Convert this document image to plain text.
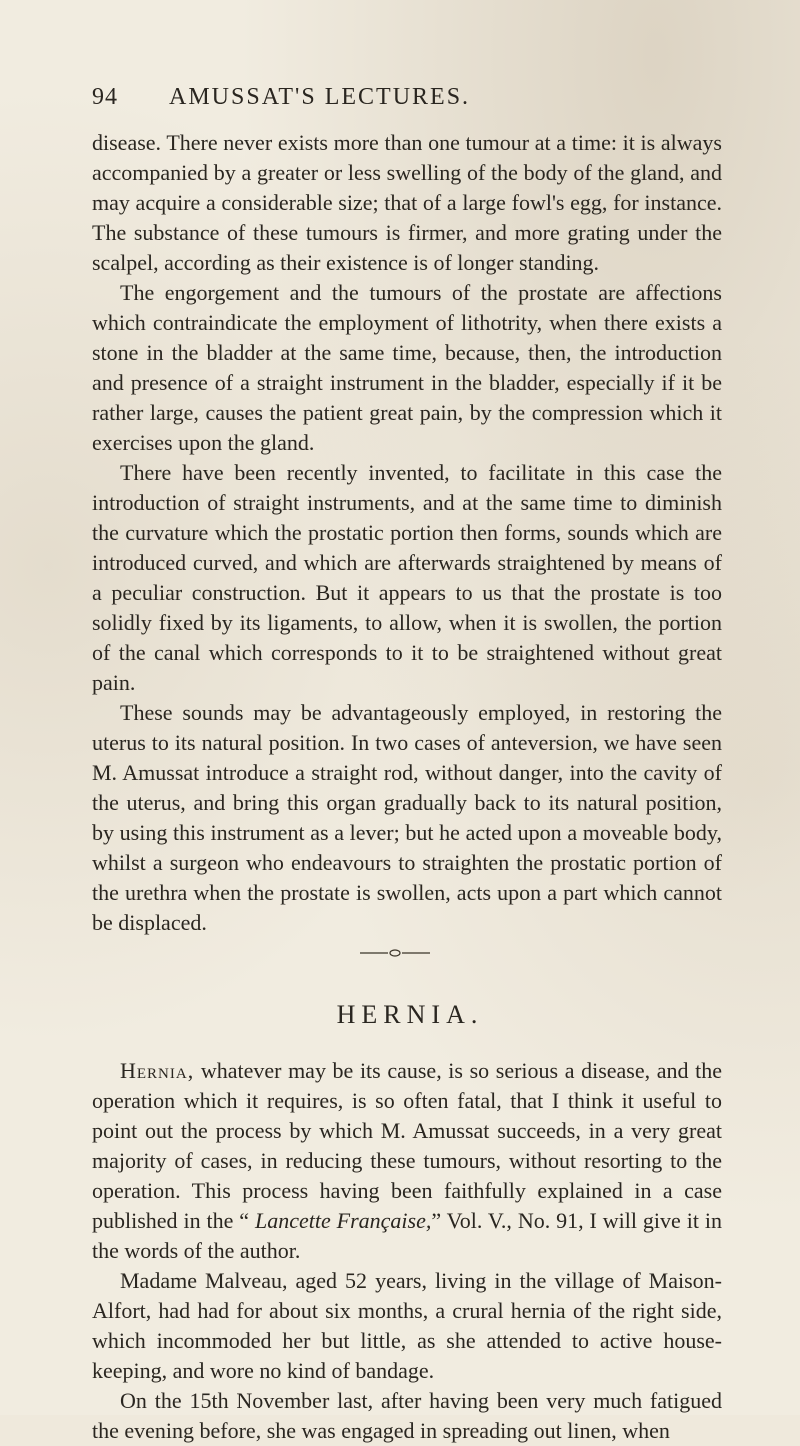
94 AMUSSAT'S LECTURES.

disease. There never exists more than one tumour at a time: it is always accompanied by a greater or less swelling of the body of the gland, and may acquire a considerable size; that of a large fowl's egg, for instance. The substance of these tumours is firmer, and more grating under the scalpel, according as their existence is of longer standing.

The engorgement and the tumours of the prostate are affections which contraindicate the employment of lithotrity, when there exists a stone in the bladder at the same time, because, then, the introduction and presence of a straight instrument in the bladder, especially if it be rather large, causes the patient great pain, by the compression which it exercises upon the gland.

There have been recently invented, to facilitate in this case the introduction of straight instruments, and at the same time to diminish the curvature which the prostatic portion then forms, sounds which are introduced curved, and which are afterwards straightened by means of a peculiar construction. But it appears to us that the prostate is too solidly fixed by its ligaments, to allow, when it is swollen, the portion of the canal which corresponds to it to be straightened without great pain.

These sounds may be advantageously employed, in restoring the uterus to its natural position. In two cases of anteversion, we have seen M. Amussat introduce a straight rod, without danger, into the cavity of the uterus, and bring this organ gradually back to its natural position, by using this instrument as a lever; but he acted upon a moveable body, whilst a surgeon who endeavours to straighten the prostatic portion of the urethra when the prostate is swollen, acts upon a part which cannot be displaced.

HERNIA.

Hernia, whatever may be its cause, is so serious a disease, and the operation which it requires, is so often fatal, that I think it useful to point out the process by which M. Amussat succeeds, in a very great majority of cases, in reducing these tumours, without resorting to the operation. This process having been faithfully explained in a case published in the “ Lancette Française,” Vol. V., No. 91, I will give it in the words of the author.

Madame Malveau, aged 52 years, living in the village of Maison-Alfort, had had for about six months, a crural hernia of the right side, which incommoded her but little, as she attended to active house-keeping, and wore no kind of bandage.

On the 15th November last, after having been very much fatigued the evening before, she was engaged in spreading out linen, when
